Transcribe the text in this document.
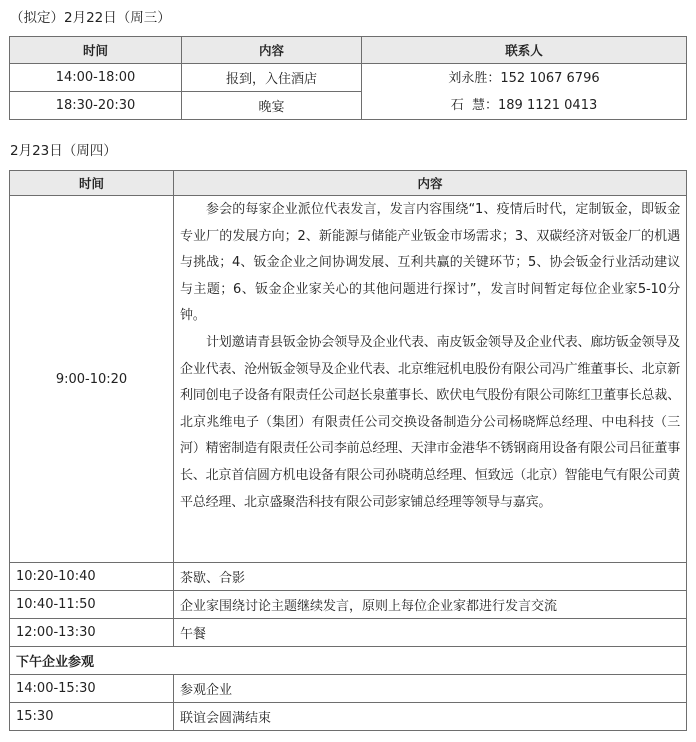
（拟定）2月22日（周三）
时间	内容	联系人
14:00-18:00	报到，入住酒店	刘永胜：152 1067 6796
石  慧：189 1121 0413

18:30-20:30	晚宴	
2月23日（周四）
时间	内容
9:00-10:20	参会的每家企业派位代表发言，发言内容围绕“1、疫情后时代，定制钣金，即钣金专业厂的发展方向；2、新能源与储能产业钣金市场需求；3、双碳经济对钣金厂的机遇与挑战；4、钣金企业之间协调发展、互利共赢的关键环节；5、协会钣金行业活动建议与主题；6、钣金企业家关心的其他问题进行探讨”，发言时间暂定每位企业家5-10分钟。
计划邀请青县钣金协会领导及企业代表、南皮钣金领导及企业代表、廊坊钣金领导及企业代表、沧州钣金领导及企业代表、北京维冠机电股份有限公司冯广维董事长、北京新利同创电子设备有限责任公司赵长泉董事长、欧伏电气股份有限公司陈红卫董事长总裁、北京兆维电子（集团）有限责任公司交换设备制造分公司杨晓辉总经理、中电科技（三河）精密制造有限责任公司李前总经理、天津市金港华不锈钢商用设备有限公司吕征董事长、北京首信圆方机电设备有限公司孙晓萌总经理、恒致远（北京）智能电气有限公司黄平总经理、北京盛聚浩科技有限公司彭家铺总经理等领导与嘉宾。

10:20-10:40	茶歇、合影
10:40-11:50	企业家围绕讨论主题继续发言，原则上每位企业家都进行发言交流
12:00-13:30	午餐
下午企业参观	
14:00-15:30	参观企业
15:30	联谊会圆满结束
